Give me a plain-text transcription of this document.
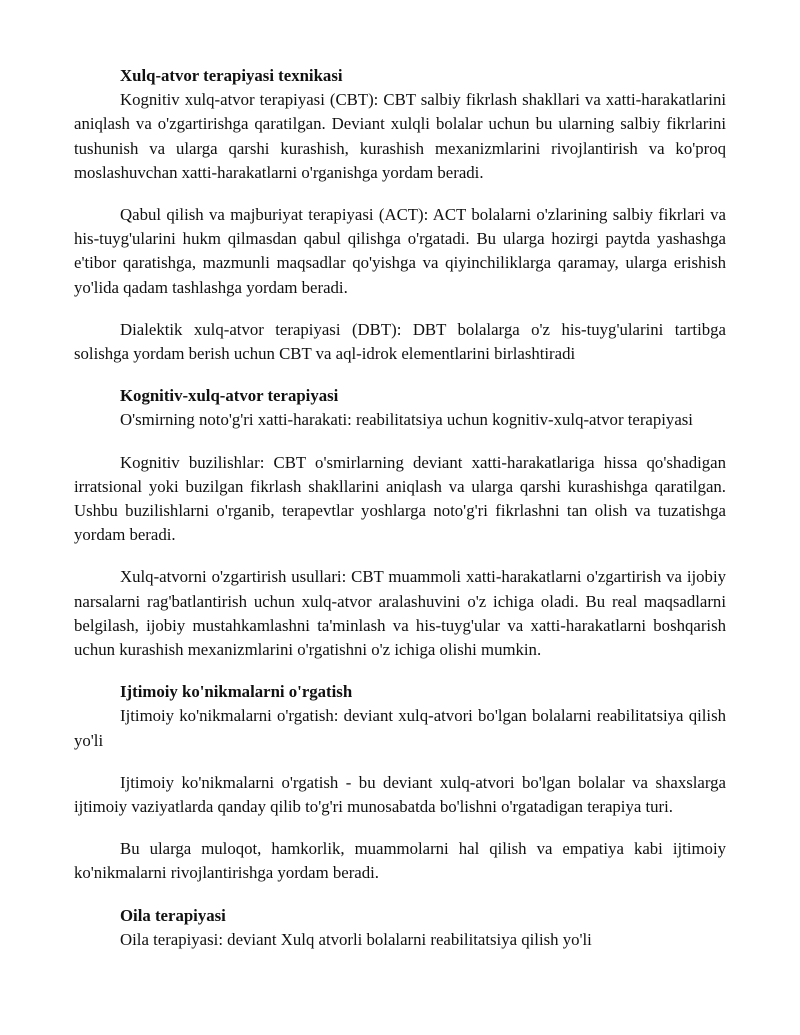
Xulq-atvor terapiyasi texnikasi

Kognitiv xulq-atvor terapiyasi (CBT): CBT salbiy fikrlash shakllari va xatti-harakatlarini aniqlash va o'zgartirishga qaratilgan. Deviant xulqli bolalar uchun bu ularning salbiy fikrlarini tushunish va ularga qarshi kurashish, kurashish mexanizmlarini rivojlantirish va ko'proq moslashuvchan xatti-harakatlarni o'rganishga yordam beradi.

Qabul qilish va majburiyat terapiyasi (ACT): ACT bolalarni o'zlarining salbiy fikrlari va his-tuyg'ularini hukm qilmasdan qabul qilishga o'rgatadi. Bu ularga hozirgi paytda yashashga e'tibor qaratishga, mazmunli maqsadlar qo'yishga va qiyinchiliklarga qaramay, ularga erishish yo'lida qadam tashlashga yordam beradi.

Dialektik xulq-atvor terapiyasi (DBT): DBT bolalarga o'z his-tuyg'ularini tartibga solishga yordam berish uchun CBT va aql-idrok elementlarini birlashtiradi

Kognitiv-xulq-atvor terapiyasi

O'smirning noto'g'ri xatti-harakati: reabilitatsiya uchun kognitiv-xulq-atvor terapiyasi

Kognitiv buzilishlar: CBT o'smirlarning deviant xatti-harakatlariga hissa qo'shadigan irratsional yoki buzilgan fikrlash shakllarini aniqlash va ularga qarshi kurashishga qaratilgan. Ushbu buzilishlarni o'rganib, terapevtlar yoshlarga noto'g'ri fikrlashni tan olish va tuzatishga yordam beradi.

Xulq-atvorni o'zgartirish usullari: CBT muammoli xatti-harakatlarni o'zgartirish va ijobiy narsalarni rag'batlantirish uchun xulq-atvor aralashuvini o'z ichiga oladi. Bu real maqsadlarni belgilash, ijobiy mustahkamlashni ta'minlash va his-tuyg'ular va xatti-harakatlarni boshqarish uchun kurashish mexanizmlarini o'rgatishni o'z ichiga olishi mumkin.

Ijtimoiy ko'nikmalarni o'rgatish

Ijtimoiy ko'nikmalarni o'rgatish: deviant xulq-atvori bo'lgan bolalarni reabilitatsiya qilish yo'li

Ijtimoiy ko'nikmalarni o'rgatish - bu deviant xulq-atvori bo'lgan bolalar va shaxslarga ijtimoiy vaziyatlarda qanday qilib to'g'ri munosabatda bo'lishni o'rgatadigan terapiya turi.

Bu ularga muloqot, hamkorlik, muammolarni hal qilish va empatiya kabi ijtimoiy ko'nikmalarni rivojlantirishga yordam beradi.

Oila terapiyasi

Oila terapiyasi: deviant Xulq atvorli bolalarni reabilitatsiya qilish yo'li
